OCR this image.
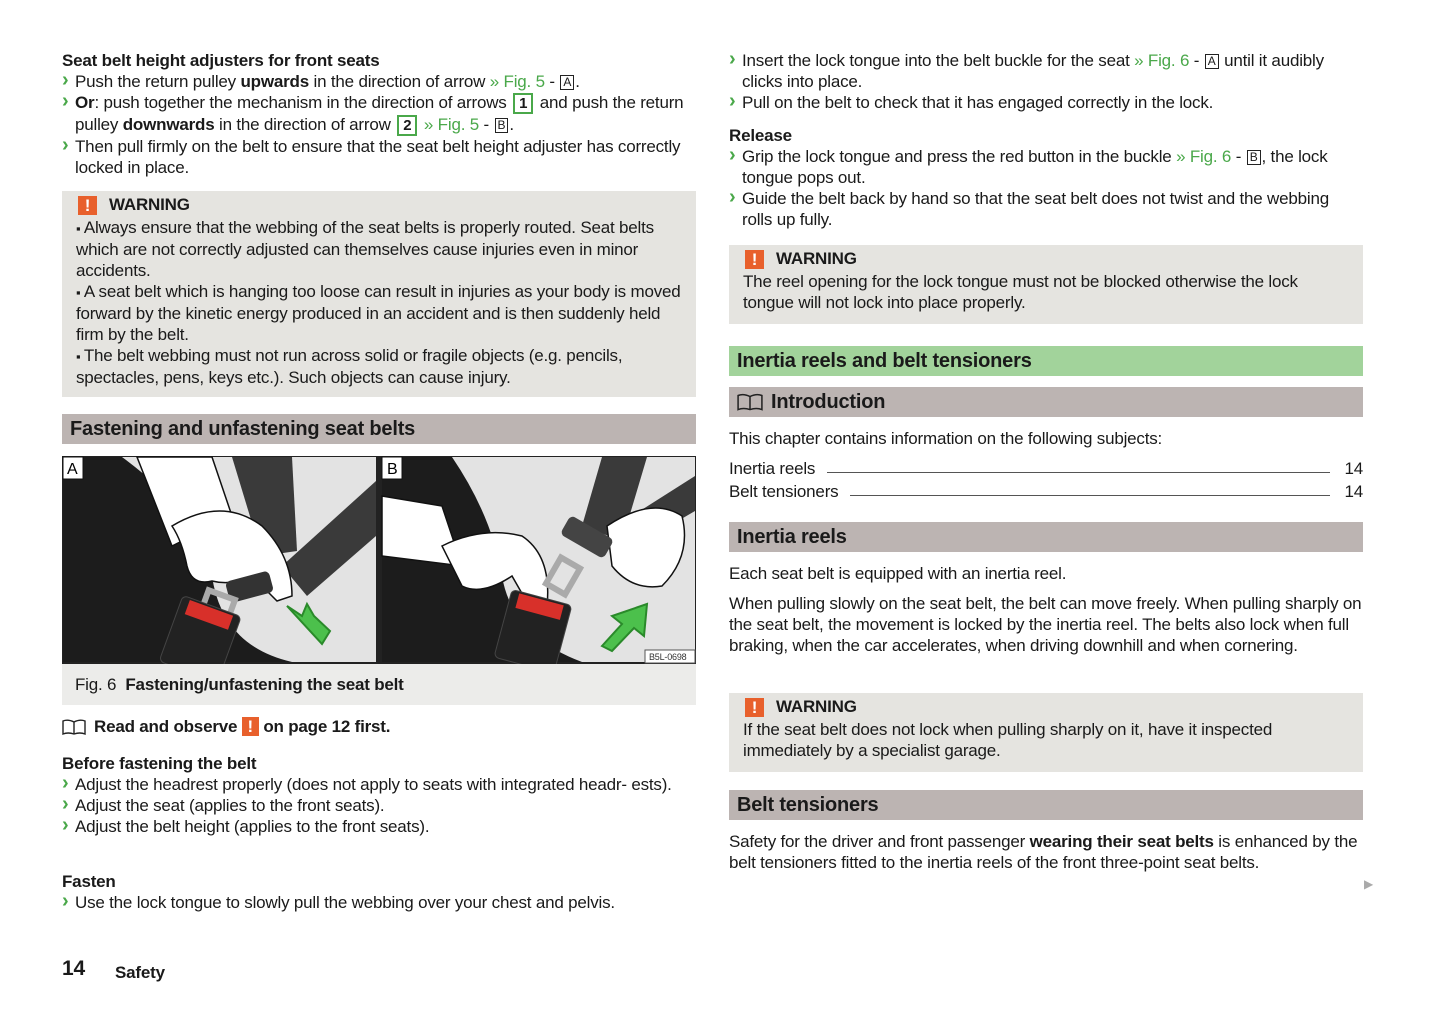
Seat belt height adjusters for front seats
› Push the return pulley upwards in the direction of arrow » Fig. 5 - A .
› Or: push together the mechanism in the direction of arrows 1 and push the return pulley downwards in the direction of arrow 2 » Fig. 5 - B .
› Then pull firmly on the belt to ensure that the seat belt height adjuster has correctly locked in place.
! WARNING
▪ Always ensure that the webbing of the seat belts is properly routed. Seat belts which are not correctly adjusted can themselves cause injuries even in minor accidents.
▪ A seat belt which is hanging too loose can result in injuries as your body is moved forward by the kinetic energy produced in an accident and is then suddenly held firm by the belt.
▪ The belt webbing must not run across solid or fragile objects (e.g. pencils, spectacles, pens, keys etc.). Such objects can cause injury.
Fastening and unfastening seat belts
A	B
B5L-0698
Fig. 6 Fastening/unfastening the seat belt
Read and observe ! on page 12 first.
Before fastening the belt
› Adjust the headrest properly (does not apply to seats with integrated headr- ests).
› Adjust the seat (applies to the front seats).
› Adjust the belt height (applies to the front seats).
Fasten
› Use the lock tongue to slowly pull the webbing over your chest and pelvis.
14 Safety
› Insert the lock tongue into the belt buckle for the seat » Fig. 6 - A until it audibly clicks into place.
› Pull on the belt to check that it has engaged correctly in the lock.
Release
› Grip the lock tongue and press the red button in the buckle » Fig. 6 - B , the lock tongue pops out.
› Guide the belt back by hand so that the seat belt does not twist and the webbing rolls up fully.
! WARNING
The reel opening for the lock tongue must not be blocked otherwise the lock tongue will not lock into place properly.
Inertia reels and belt tensioners
Introduction
This chapter contains information on the following subjects:
Inertia reels	14
Belt tensioners	14
Inertia reels
Each seat belt is equipped with an inertia reel.
When pulling slowly on the seat belt, the belt can move freely. When pulling sharply on the seat belt, the movement is locked by the inertia reel. The belts also lock when full braking, when the car accelerates, when driving downhill and when cornering.
! WARNING
If the seat belt does not lock when pulling sharply on it, have it inspected immediately by a specialist garage.
Belt tensioners
Safety for the driver and front passenger wearing their seat belts is enhanced by the belt tensioners fitted to the inertia reels of the front three-point seat belts.
▶
